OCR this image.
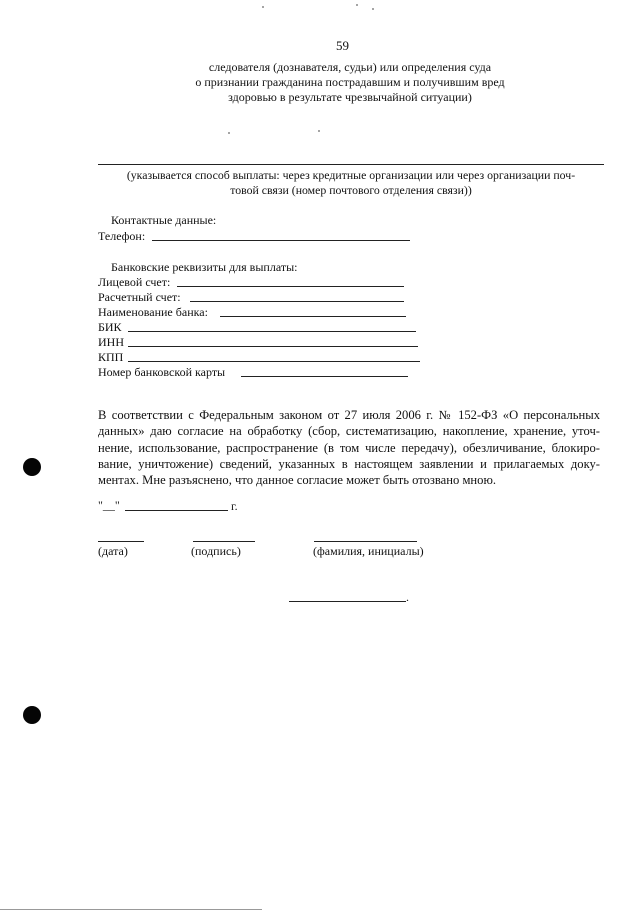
59
следователя (дознавателя, судьи) или определения суда
о признании гражданина пострадавшим и получившим вред
здоровью в результате чрезвычайной ситуации)
(указывается способ выплаты: через кредитные организации или через организации поч-
товой связи (номер почтового отделения связи))
Контактные данные:
Телефон:
Банковские реквизиты для выплаты:
Лицевой счет:
Расчетный счет:
Наименование банка:
БИК
ИНН
КПП
Номер банковской карты
В соответствии с Федеральным законом от 27 июля 2006 г. № 152-ФЗ «О персональных
данных» даю согласие на обработку (сбор, систематизацию, накопление, хранение, уточ-
нение, использование, распространение (в том числе передачу), обезличивание, блокиро-
вание, уничтожение) сведений, указанных в настоящем заявлении и прилагаемых доку-
ментах. Мне разъяснено, что данное согласие может быть отозвано мною.
"__"	г.
(дата)	(подпись)	(фамилия, инициалы)
.
